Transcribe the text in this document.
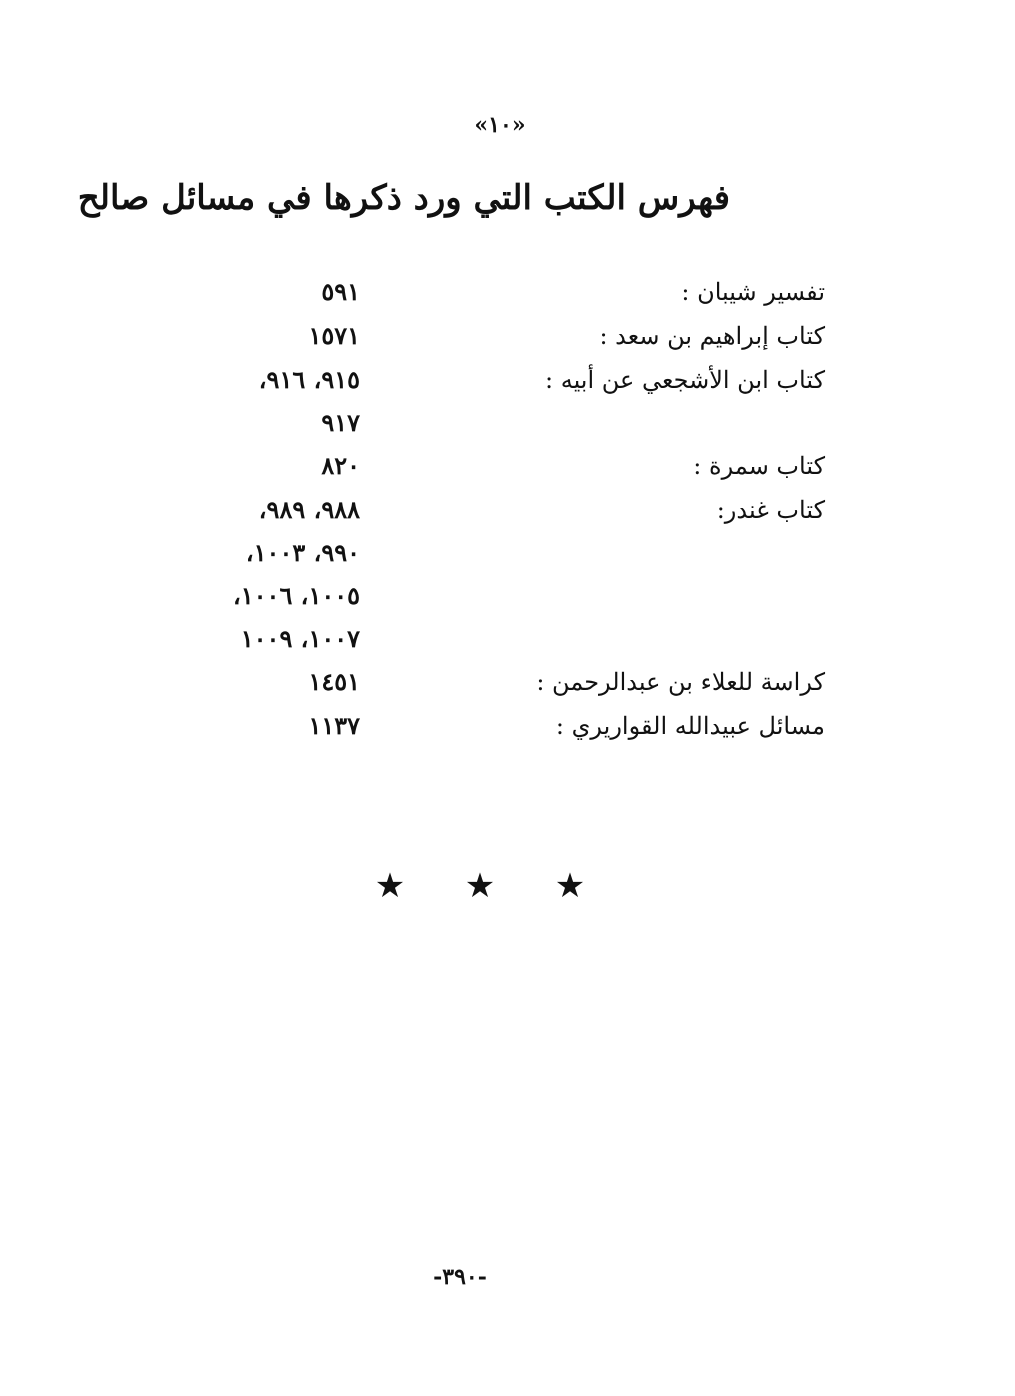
«١٠»
فهرس الكتب التي ورد ذكرها في مسائل صالح
تفسير شيبان :
٥٩١
كتاب إبراهيم بن سعد :
١٥٧١
كتاب ابن الأشجعي عن أبيه :
٩١٥، ٩١٦،
٩١٧
كتاب سمرة :
٨٢٠
كتاب غندر:
٩٨٨، ٩٨٩،
٩٩٠، ١٠٠٣،
١٠٠٥، ١٠٠٦،
١٠٠٧، ١٠٠٩
كراسة للعلاء بن عبدالرحمن :
١٤٥١
مسائل عبيدالله القواريري :
١١٣٧
★
★
★
-٣٩٠-
